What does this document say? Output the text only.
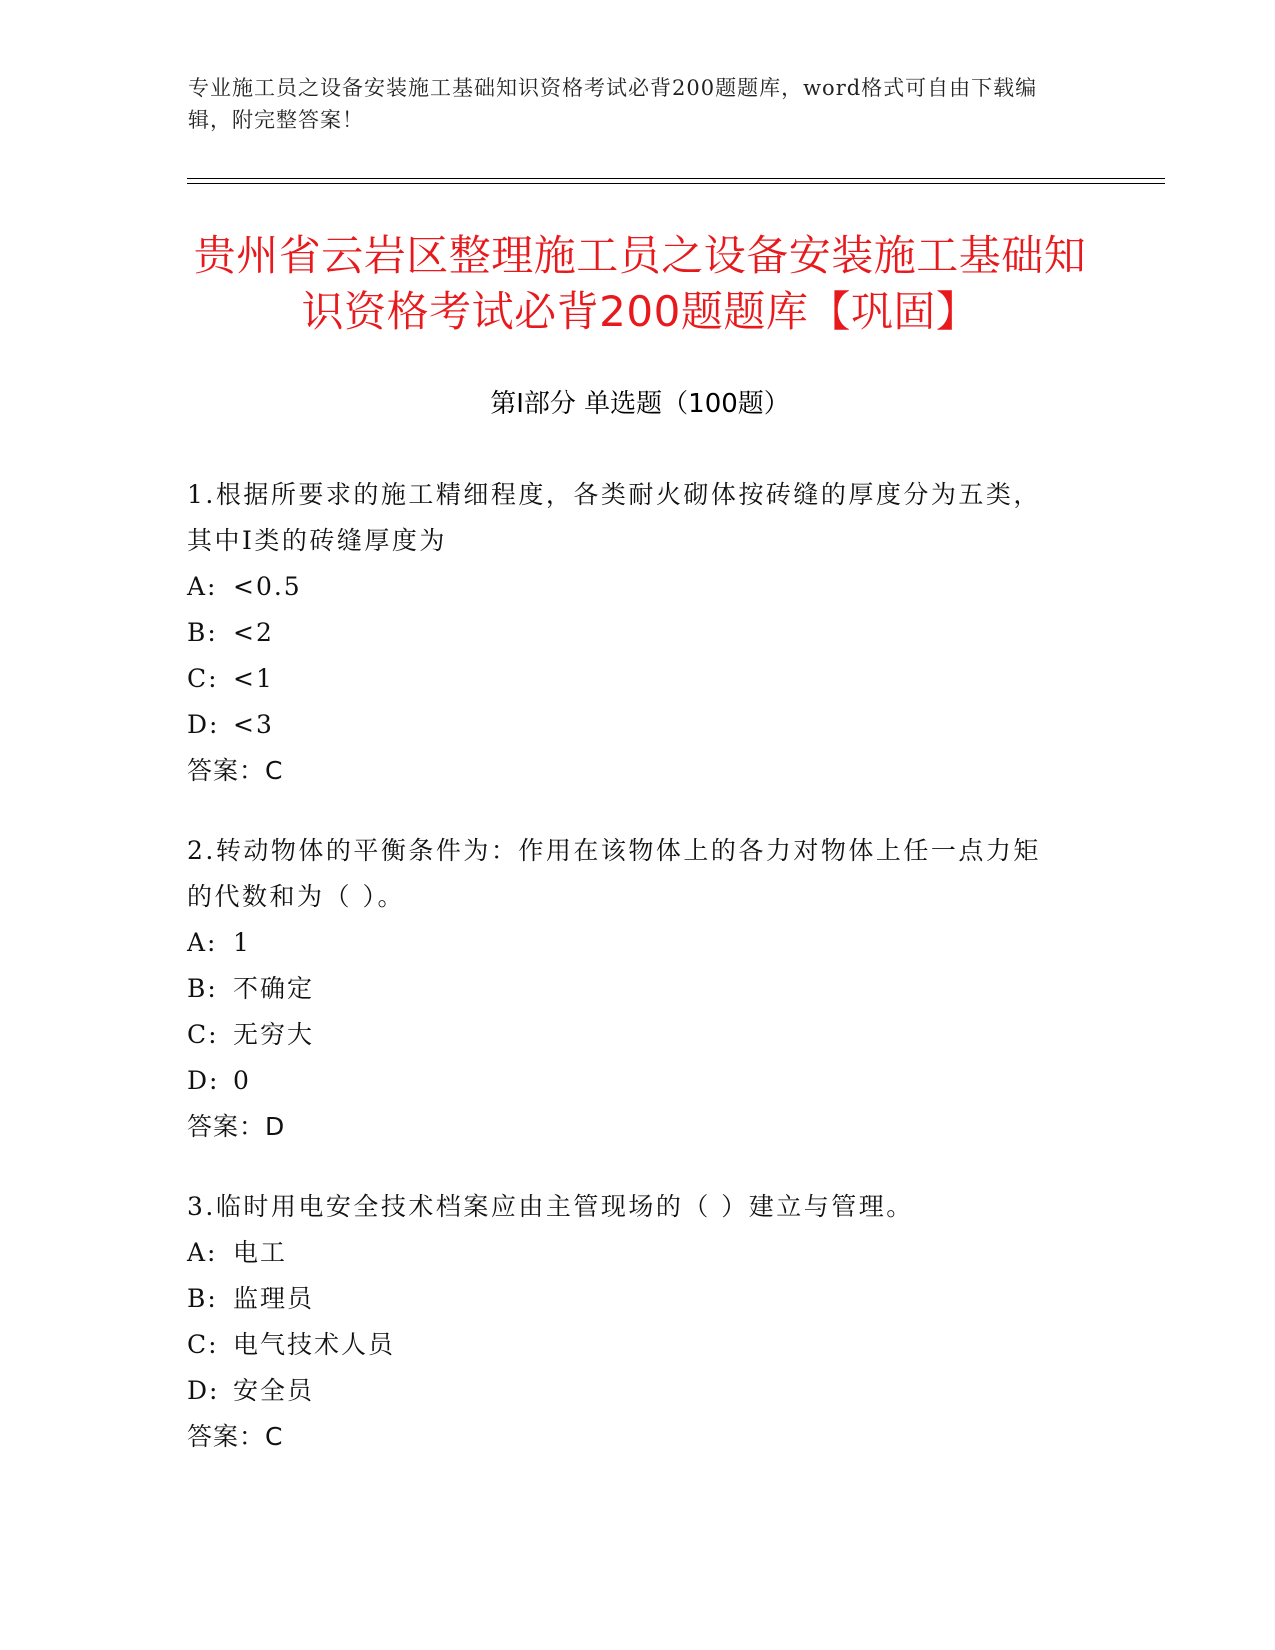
专业施工员之设备安装施工基础知识资格考试必背200题题库，word格式可自由下载编辑，附完整答案！
贵州省云岩区整理施工员之设备安装施工基础知识资格考试必背200题题库【巩固】
第Ⅰ部分 单选题（100题）
1.根据所要求的施工精细程度，各类耐火砌体按砖缝的厚度分为五类，其中Ⅰ类的砖缝厚度为
A: <0.5
B: <2
C: <1
D: <3
答案：C
2.转动物体的平衡条件为：作用在该物体上的各力对物体上任一点力矩的代数和为（ ）。
A: 1
B: 不确定
C: 无穷大
D: 0
答案：D
3.临时用电安全技术档案应由主管现场的（ ）建立与管理。
A: 电工
B: 监理员
C: 电气技术人员
D: 安全员
答案：C
